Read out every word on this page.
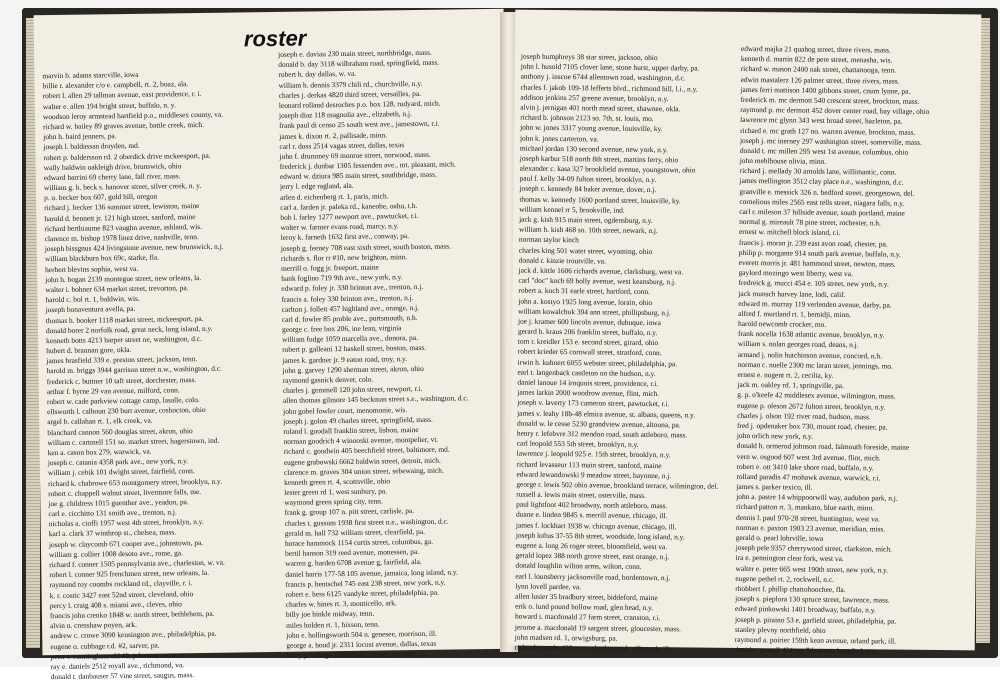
roster
marvin b. adams starcville, iowa
billie r. alexander c/o e. campbell, rt. 2, boaz, ala.
robert l. allen 29 tallman avenue, east providence, r. i.
walter e. allen 194 bright street, buffalo, n. y.
woodson leroy armstead hartfield p.o., middlesex county, va.
richard w. bailey 89 graves avenue, battle creek, mich.
john h. baird jenners, pa.
joseph l. baldassan drayden, md.
robert p. baldersson rd. 2 oberdick drive mckeesport, pa.
wally baldwin oakleigh drive, brunswick, ohio
edward barrini 69 cherry lane, fall river, mass.
william g. h. beck s. hanover street, silver creek, n. y.
p. o. becker box 607, gold hill, oregon
richard j. becker 136 summer street, lewiston, maine
harold d. bennett jr. 121 high street, sanford, maine
richard berthiaume 823 vaughn avenue, ashland, wis.
clarence m. bishop 1978 linez drive, nashville, tenn.
joseph bissgnus 424 livingstone avenue, new brunswick, n.j.
william blackburn box 69c, starke, fla.
herbert blevins sophia, west va.
john h. bogan 2139 montegue street, new orleans, la.
walter i. bohner 634 market street, trevorton, pa.
harold c. bol rt. 1, baldwin, wis.
joseph bonaventura avella, pa.
thomas h. booker 1118 market street, mckeesport, pa.
donald borer 2 norfolk road, great neck, long island, n.y.
kenneth botts 4213 harper street ne, washington, d.c.
hubert d. brannan gore, okla.
james brasfield 339 e. preston street, jackson, tenn.
harold m. briggs 3944 garrison street n.w., washington, d.c.
frederick c. buttner 10 taft street, dorchester, mass.
arthur f. byrne 29 van avenue, milford, conn.
robert w. cade parkview cottage camp, lasalle, colo.
ellsworth l. calhoun 230 burt avenue, coshocton, ohio
argel b. callahan rt. 1, elk creek, va.
blanchard cannon 560 douglas street, akron, ohio
william c. cartmell 151 so. market street, hagerstown, ind.
ken a. cason box 279, warwick, va.
joseph c. catania 4358 park ave., new york, n.y.
william j. cebik 101 dwight street, fairfield, conn.
richard k. chabrowe 653 montgomery street, brooklyn, n.y.
robert c. chappell walnut street, livermore falls, me.
joe g. childress 1015 guenther ave., yeadon, pa.
carl e. cicchitto 131 smith ave., trenton, n.j.
nicholas a. cioffi 1957 west 4th street, brooklyn, n.y.
karl a. clark 37 winthrop st., chelsea, mass.
joseph w. claycomb 671 cooper ave., johnstown, pa.
william g. collier 1008 desoto ave., rome, ga.
richard f. conner 1505 pennsylvania ave., charleston, w. va.
robert l. conner 925 frenchmen street, new orleans, la.
raymond roy coombs rockland rd., clayville, r. i.
k. r. costic 3427 east 52nd street, cleveland, ohio
percy l. craig 408 s. miami ave., cleves, ohio
francis john crenko 1848 w. north street, bethlehem, pa.
alvin n. crenshaw poyen, ark.
andrew c. crowe 3090 kensington ave., philadelphia, pa.
eugene o. cubbage r.d. #2, sarver, pa.
peter r. cunningham rfd #2, johnson, vermont
ray e. daniels 2512 royall ave., richmond, va.
donald t. danbauser 57 vine street, saugus, mass.
joseph e. daviau 230 main street, northbridge, mass.
donald b. day 3118 wilbraham road, springfield, mass.
robert h. day dallas, w. va.
william h. dennis 3379 chili rd., churchville, n.y.
charles j. derkas 4820 third street, versailles, pa.
leonard rolland desroches p.o. box 128, rudyard, mich.
joseph diaz 118 magnolia ave., elizabeth, n.j.
frank paul di censo 25 south west ave., jamestown, r.i.
james k. dixon rt. 2, pallisade, minn.
carl r. doss 2514 vagas street, dallas, texas
john f. drummey 69 monroe street, norwood, mass.
frederick j. dunbar 1305 fessenden ave., mt. pleasant, mich.
edward w. dziura 985 main street, southbridge, mass.
jerry l. edge ragland, ala.
arlen d. eichenberg rt. 1, paris, mich.
carl a. farden jr. paleka rd., kaneohe, oahu, t.h.
bob l. farley 1277 newport ave., pawtucket, r.i.
walter w. farmer evans road, marcy, n.y.
leroy k. farneth 1632 first ave., conway, pa.
joseph g. feeney 708 east sixth street, south boston, mass.
richards s. flor rr #10, new brighton, minn.
merrill o. fogg jr. freeport, maine
hank foglino 719 9th ave., new york, n.y.
edward p. foley jr. 330 brinton ave., trenton, n.j.
francis a. foley 330 brinton ave., trenton, n.j.
carlton j. follett 457 highland ave., orange, n.j.
carl d. fowler 85 proble ave., portsmouth, n.h.
george c. free box 206, ine lean, virginia
william fudge 1059 marcella ave., donora, pa.
robert p. galleani 12 haskell street, boston, mass.
james k. gardner jr. 9 eaton road, troy, n.y.
john g. garvey 1290 sherman street, akron, ohio
raymond gasnick denver, colo.
charles j. gemmell 120 john street, newport, r.i.
allen thomas gilmore 145 beckman street s.e., washington, d.c.
john gobel fowler court, menomonie, wis.
joseph j. golon 49 charles street, springfield, mass.
roland l. goodall franklin street, lisbon, maine
norman goodrich 4 winooski avenue, montpelier, vt.
richard c. goodwin 405 beechfield street, baltimore, md.
eugene grabowski 6662 baldwin street, detroit, mich.
clarence m. graves 304 union street, sebewaing, mich.
kenneth green rt. 4, scottsville, ohio
lester green rd 1, west sunbury, pa.
waymond green spring city, tenn.
frank g. group 107 n. pitt street, carlisle, pa.
charles t. gussum 1938 first street n.e., washington, d.c.
gerald m. hall 732 william street, clearfield, pa.
horace hammock 1154 curtis street, columbus, ga.
bertil hanson 319 reed avenue, monessen, pa.
warren g. harden 6708 avenue g, fairfield, ala.
daniel harris 177-58 105 avenue, jamaica, long island, n.y.
francis p. hentschel 745 east 238 street, new york, n.y.
robert e. hess 6125 vandyke street, philadelphia, pa.
charles w. hines rt. 3, monticello, ark.
billy joe hinkle midway, tenn.
miles holden rt. 1, hixson, tenn.
john e. hollingsworth 504 n. genesee, morrison, ill.
george a. hood jr. 2311 locust avenue, dallas, texas
harry j. hulings 23 bachelier street, newport, r.i.
joseph humphreys 38 star street, jackson, ohio
john l. husold 7105 clover lane, stone hurst, upper darby, pa.
anthony j. inscoe 6744 allentown road, washington, d.c.
charles f. jakob 109-18 lefferts blvd., richmond hill, l.i., n.y.
addison jenkins 257 greene avenue, brooklyn, n.y.
alvin j. jernigan 401 north mead street, shawnee, okla.
richard b. johnson 2123 so. 7th, st. louis, mo.
john w. jones 3317 young avenue, louisville, ky.
john k. jones carterton, va.
michael jordan 130 second avenue, new york, n.y.
joseph karbur 518 north 8th street, martins ferry, ohio
alexander c. kasa 327 brookfield avenue, youngstown, ohio
paul f. kelly 34-09 fulton street, brooklyn, n.y.
joseph c. kennedy 84 baker avenue, dover, n.j.
thomas w. kennedy 1600 portland street, louisville, ky.
william kennel rr 5, brookville, ind.
jack g. kish 915 main street, ogdensburg, n.y.
william h. kish 468 so. 10th street, newark, n.j.
norman taylor kinch
charles king 501 water street, wyoming, ohio
donald r. kinzie troutville, va.
jack d. kittle 1606 richards avenue, clarksburg, west va.
carl "doc" koch 69 holly avenue, west keansburg, n.j.
robert a. koch 31 earle street, hartford, conn.
john a. kostyo 1925 long avenue, lorain, ohio
william kowalchuk 394 ann street, phillipsburg, n.j.
joe j. kramer 600 lincoln avenue, dubuque, iowa
gerard h. kraus 206 franklin street, buffalo, n.y.
tom r. kreidler 153 e. second street, girard, ohio
robert krieder 65 cornwall street, stratford, conn.
irwin h. kuhnert 6055 webster street, philadelphia, pa.
earl t. langenback castleton on the hudson, n.y.
daniel lanoue 14 iroquois street, providence, r.i.
james larkin 2000 woodrow avenue, flint, mich.
joseph v. laverty 173 cameron street, pawtucket, r.i.
james v. leahy 18b-48 elmira avenue, st. albans, queens, n.y.
donald w. le cesse 5230 grandview avenue, altoona, pa.
henry r. lefebvre 312 mendon road, south attleboro, mass.
carl leopold 553 5th street, brooklyn, n.y.
lawrence j. leopold 925 e. 15th street, brooklyn, n.y.
richard levasseur 113 main street, sanford, maine
edward lewandowski 9 meadow street, bayonne, n.j.
george r. lewis 502 ohio avenue, brookland terrace, wilmington, del.
russell a. lewis main street, osterville, mass.
paul lightfoot 402 broadway, north attleboro, mass.
duane e. linden 9845 s. merrill avenue, chicago, ill.
james f. lockhart 1938 w. chicago avenue, chicago, ill.
joseph loftus 37-55 8th street, woodside, long island, n.y.
eugene a. long 26 roger street, bloomfield, west va.
gerald lopez 388 north grove street, east orange, n.j.
donald loughlin wilton arms, wilton, conn.
earl l. lounsberry jacksonville road, bordentown, n.j.
lynn lovell pardee, va.
allen lusier 35 bradbury street, biddeford, maine
erik o. lund pound hollow road, glen head, n.y.
howard i. macdonald 27 farm street, cranston, r.i.
jerome a. macdonald 19 sargent street, gloucester, mass.
john madsen rd. 1, orwigsburg, pa.
richard a. mahr 430 w. st. charles road, villa park, ill.
edward majka 21 quahog street, three rivers, mass.
kenneth d. martin 822 de pere street, menasha, wis.
richard w. mason 2400 oak street, chattanooga, tenn.
edwin mastalerz 126 palmer street, three rivers, mass.
james ferri mattison 1400 gibbons street, cnum lynne, pa.
frederick m. mc dermott 540 crescent street, brockton, mass.
raymond p. mc dermott 452 dover center road, bay village, ohio
lawrence mc glynn 343 west broad street, hazleton, pa.
richard e. mc grath 127 no. warren avenue, brockton, mass.
joseph j. mc inerney 297 washington street, somerville, mass.
donald t. mc millen 295 west 1st avenue, columbus, ohio
john mehlhouse olivia, minn.
richard j. mellady 30 arnolds lane, willimantic, conn.
james mellington 3512 clay place n.e., washington, d.c.
granville e. messick 326 n. bedford street, georgetown, del.
cornelious miles 2565 east tells street, niagara falls, n.y.
carl r. mileson 37 hillside avenue, south portland, maine
normal g. mireault 78 pine street, rochester, n.h.
ernest w. mitchell block island, r.i.
francis j. moran jr. 239 east avon road, chester, pa.
philip p. morgante 914 south park avenue, buffalo, n.y.
everett morris jr. 481 hammond street, newton, mass.
gaylord mozingo west liberty, west va.
fredreick g. mucci 454 e. 105 street, new york, n.y.
jack munsch harvey lane, lodi, calif.
edward m. murray 119 verlenden avenue, darby, pa.
alfred f. murtland rt. 1, bemidji, minn.
harold newcomb crocker, mo.
frank nocella 1638 atlantic avenue, brooklyn, n.y.
william s. nolan georges road, deans, n.j.
armand j. nolin hutchinson avenue, concord, n.h.
norman c. nuelle 2300 mc laran street, jennings, mo.
ernest e. nugent rt. 2, cecilia, ky.
jack m. oakley rd. 1, springville, pa.
g. p. o'keefe 42 middlesex avenue, wilmington, mass.
eugene p. oleson 2672 fulton street, brooklyn, n.y.
charles j. olson 192 river road, hudson, mass.
fred j. opdenaker box 730, mount road, chester, pa.
john orlich new york, n.y.
donald h. ormerod johnson road, falmouth foreside, maine
vern w. osgood 607 west 3rd avenue, flint, mich.
robert e. ott 3410 lake shore road, buffalo, n.y.
rolland paradis 47 mohawk avenue, warwick, r.i.
james s. parker texico, ill.
john a. pastre 14 whippoorwill way, audubon park, n.j.
richard patton rt. 3, mankato, blue earth, minn.
dennis l. paul 970-28 street, huntington, west va.
norman e. paxton 1903 23 avenue, meridian, miss.
gerald o. pearl lohrville, iowa
joseph pele 9357 cherrywood street, clarkston, mich.
ira e. pennington clear fork, west va.
walter e. peter 665 west 190th street, new york, n.y.
eugene pethel rt. 2, rockwell, n.c.
rhobbert f. phillip chattohoochee, fla.
joseph s. pieplora 130 spruce street, lawrence, mass.
edward pinkowski 1401 broadway, buffalo, n.y.
joseph p. piraino 53 e. garfield street, philadelphia, pa.
stanley plevny northfield, ohio
raymond a. poirier 159th kean avenue, orland park, ill.
david c. powell 424 no. 7th street, hannibal, mo.
